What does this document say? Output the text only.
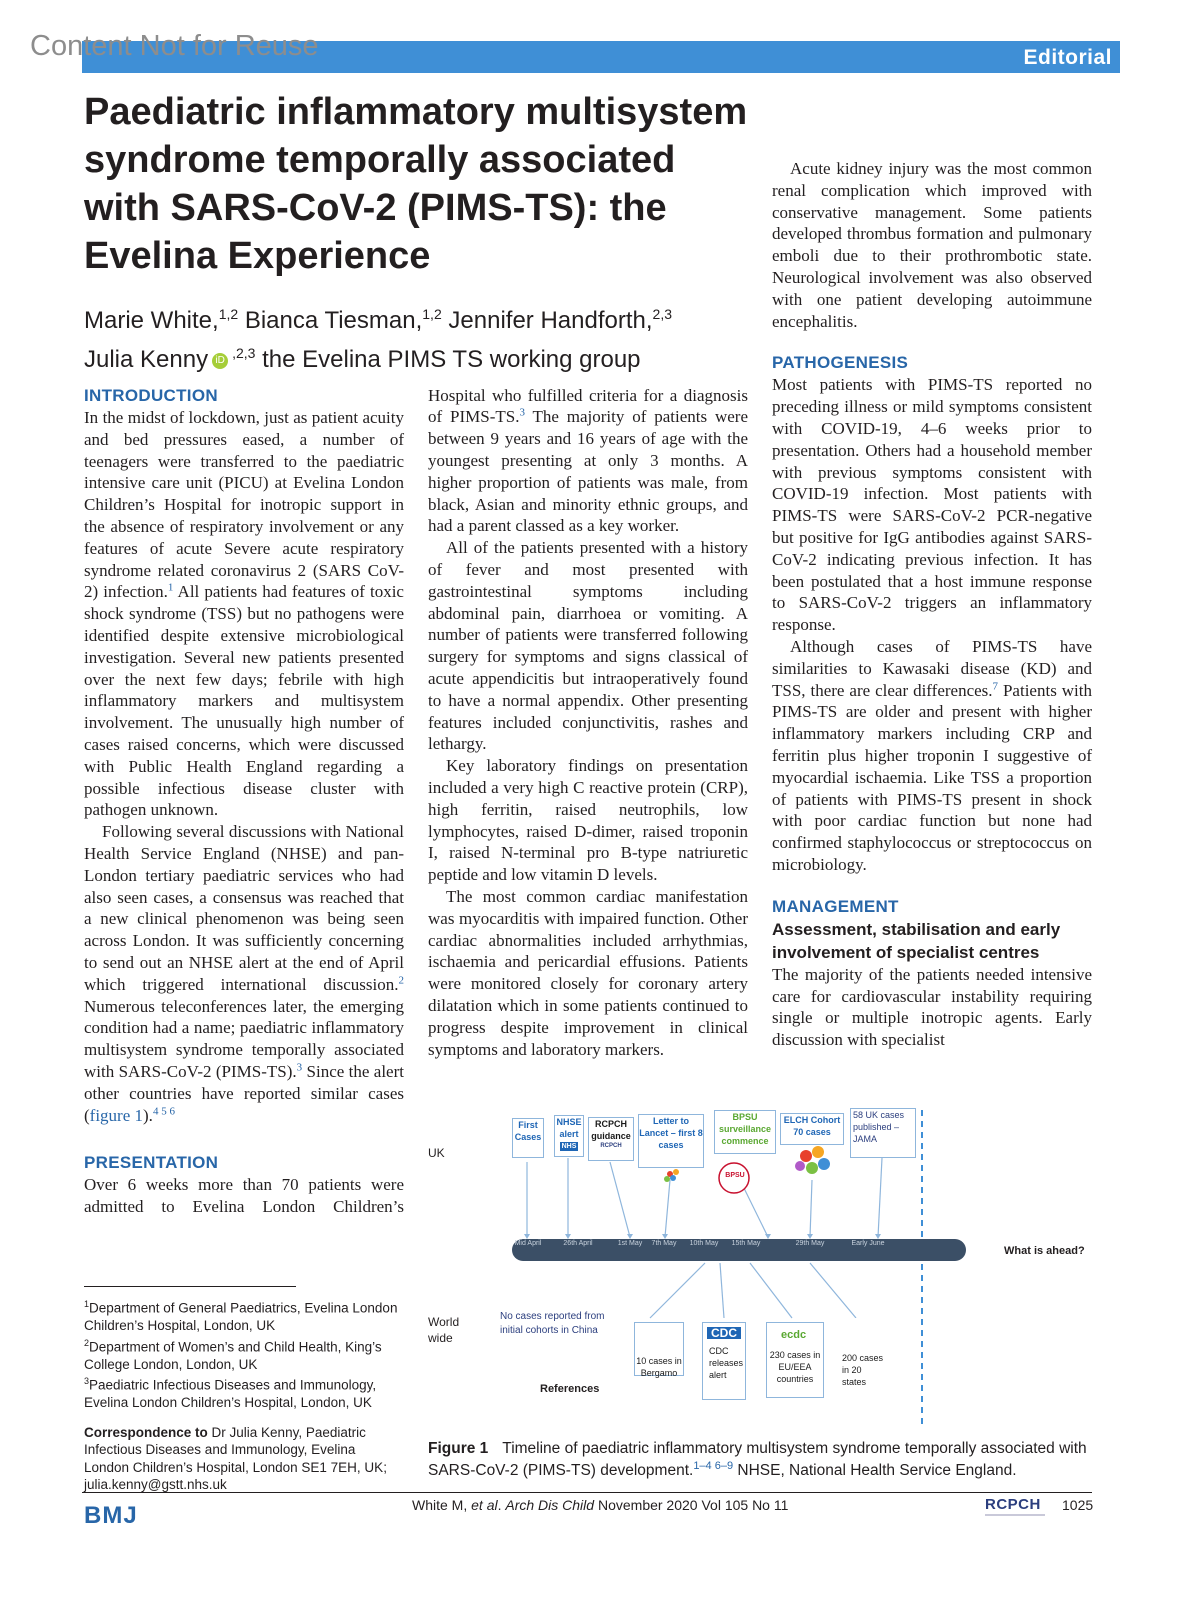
Editorial
Content Not for Reuse
Paediatric inflammatory multisystem syndrome temporally associated with SARS-CoV-2 (PIMS-TS): the Evelina Experience
Marie White,$^{1,2}$ Bianca Tiesman,$^{1,2}$ Jennifer Handforth,$^{2,3}$
Julia Kenny iD $^{,2,3}$ the Evelina PIMS TS working group
INTRODUCTION

In the midst of lockdown, just as patient acuity and bed pressures eased, a number of teenagers were transferred to the paediatric intensive care unit (PICU) at Evelina London Children’s Hospital for inotropic support in the absence of respiratory involvement or any features of acute Severe acute respiratory syndrome related coronavirus 2 (SARS CoV-2) infection.$^1$ All patients had features of toxic shock syndrome (TSS) but no pathogens were identified despite extensive microbiological investigation. Several new patients presented over the next few days; febrile with high inflammatory markers and multisystem involvement. The unusually high number of cases raised concerns, which were discussed with Public Health England regarding a possible infectious disease cluster with pathogen unknown.

Following several discussions with National Health Service England (NHSE) and pan-London tertiary paediatric services who had also seen cases, a consensus was reached that a new clinical phenomenon was being seen across London. It was sufficiently concerning to send out an NHSE alert at the end of April which triggered international discussion.$^2$ Numerous teleconferences later, the emerging condition had a name; paediatric inflammatory multisystem syndrome temporally associated with SARS-CoV-2 (PIMS-TS).$^3$ Since the alert other countries have reported similar cases (figure 1).$^{4 5 6}$

PRESENTATION

Over 6 weeks more than 70 patients were admitted to Evelina London Children’s

Hospital who fulfilled criteria for a diagnosis of PIMS-TS.$^3$ The majority of patients were between 9 years and 16 years of age with the youngest presenting at only 3 months. A higher proportion of patients was male, from black, Asian and minority ethnic groups, and had a parent classed as a key worker.

All of the patients presented with a history of fever and most presented with gastrointestinal symptoms including abdominal pain, diarrhoea or vomiting. A number of patients were transferred following surgery for symptoms and signs classical of acute appendicitis but intraoperatively found to have a normal appendix. Other presenting features included conjunctivitis, rashes and lethargy.

Key laboratory findings on presentation included a very high C reactive protein (CRP), high ferritin, raised neutrophils, low lymphocytes, raised D-dimer, raised troponin I, raised N-terminal pro B-type natriuretic peptide and low vitamin D levels.

The most common cardiac manifestation was myocarditis with impaired function. Other cardiac abnormalities included arrhythmias, ischaemia and pericardial effusions. Patients were monitored closely for coronary artery dilatation which in some patients continued to progress despite improvement in clinical symptoms and laboratory markers.

Acute kidney injury was the most common renal complication which improved with conservative management. Some patients developed thrombus formation and pulmonary emboli due to their prothrombotic state. Neurological involvement was also observed with one patient developing autoimmune encephalitis.

PATHOGENESIS

Most patients with PIMS-TS reported no preceding illness or mild symptoms consistent with COVID-19, 4–6 weeks prior to presentation. Others had a household member with previous symptoms consistent with COVID-19 infection. Most patients with PIMS-TS were SARS-CoV-2 PCR-negative but positive for IgG antibodies against SARS-CoV-2 indicating previous infection. It has been postulated that a host immune response to SARS-CoV-2 triggers an inflammatory response.

Although cases of PIMS-TS have similarities to Kawasaki disease (KD) and TSS, there are clear differences.$^7$ Patients with PIMS-TS are older and present with higher inflammatory markers including CRP and ferritin plus higher troponin I suggestive of myocardial ischaemia. Like TSS a proportion of patients with PIMS-TS present in shock with poor cardiac function but none had confirmed staphylococcus or streptococcus on microbiology.

MANAGEMENT
Assessment, stabilisation and early involvement of specialist centres

The majority of the patients needed intensive care for cardiovascular instability requiring single or multiple inotropic agents. Early discussion with specialist

$^1$Department of General Paediatrics, Evelina London Children’s Hospital, London, UK

$^2$Department of Women’s and Child Health, King’s College London, London, UK

$^3$Paediatric Infectious Diseases and Immunology, Evelina London Children’s Hospital, London, UK

Correspondence to Dr Julia Kenny, Paediatric Infectious Diseases and Immunology, Evelina London Children’s Hospital, London SE1 7EH, UK; julia.kenny@gstt.nhs.uk

Mid April	26th April	1st May	7th May	10th May	15th May	29th May	Early June
First Cases
NHSE alert
NHS
RCPCH guidance
RCPCH
Letter to Lancet – first 8 cases
BPSU surveillance commence
BPSU
ELCH Cohort 70 cases
58 UK cases published – JAMA
UK
World wide
What is ahead?
No cases reported from initial cohorts in China
References
10 cases in Bergamo
CDC
CDC releases alert
ecdc
230 cases in EU/EEA countries
200 cases in 20 states
Figure 1 Timeline of paediatric inflammatory multisystem syndrome temporally associated with SARS-CoV-2 (PIMS-TS) development.$^{1-4 6-9}$ NHSE, National Health Service England.
BMJ	White M, et al. Arch Dis Child November 2020 Vol 105 No 11	RCPCH 1025
